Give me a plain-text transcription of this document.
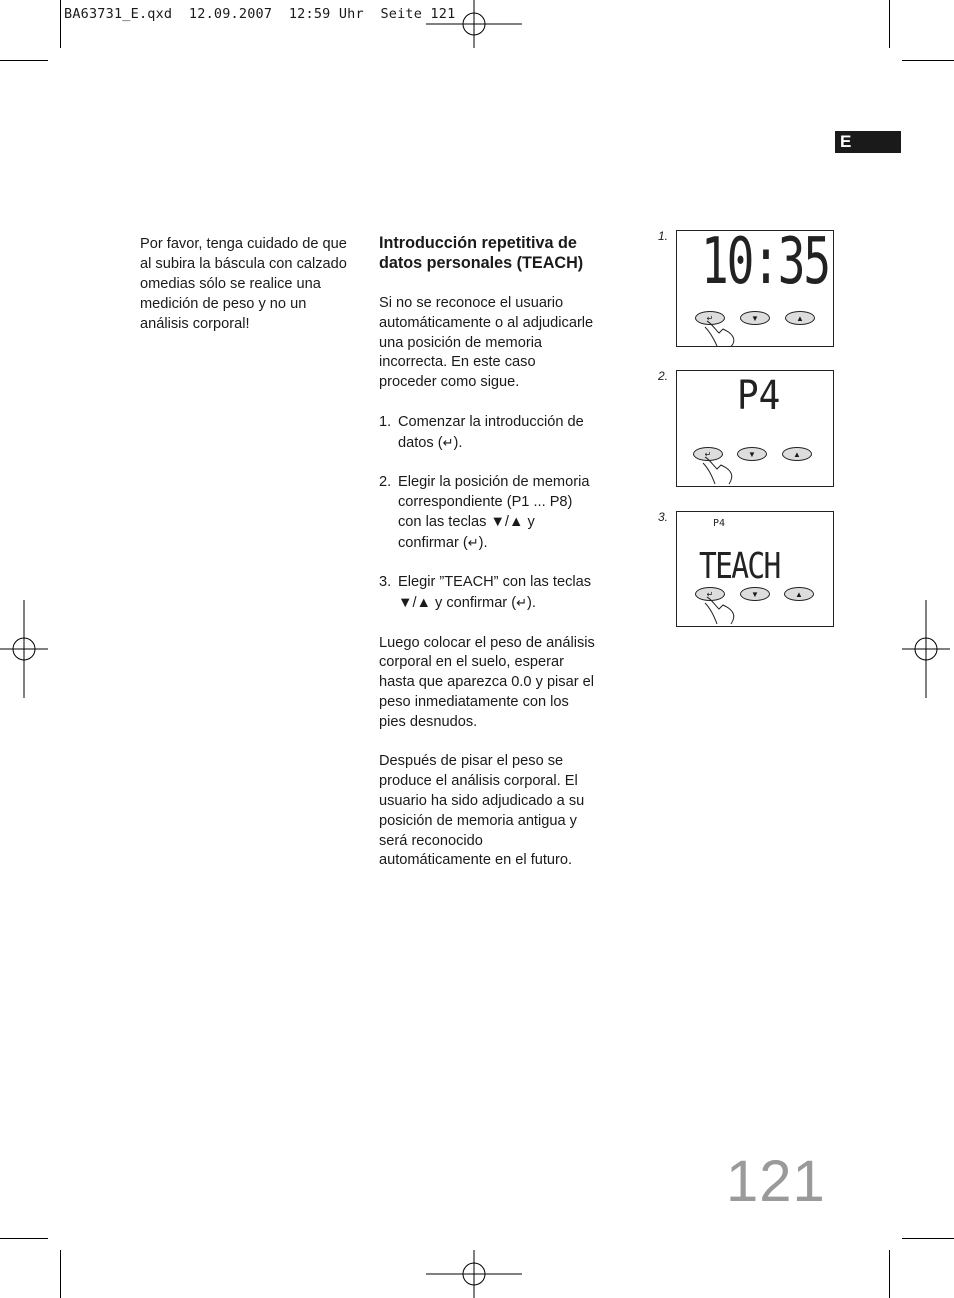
BA63731_E.qxd  12.09.2007  12:59 Uhr  Seite 121
E
Por favor, tenga cuidado de que al subira la báscula con calzado omedias sólo se realice una medición de peso y no un análisis corporal!
Introducción repetitiva de datos personales (TEACH)

Si no se reconoce el usuario automáticamente o al adjudicarle una posición de memoria incorrecta. En este caso proceder como sigue.

1. Comenzar la introducción de datos (↵).
2. Elegir la posición de memoria correspondiente (P1 ... P8) con las teclas ▼/▲ y confirmar (↵).
3. Elegir ”TEACH” con las teclas ▼/▲ y confirmar (↵).

Luego colocar el peso de análisis corporal en el suelo, esperar hasta que aparezca 0.0 y pisar el peso inmediatamente con los pies desnudos.

Después de pisar el peso se produce el análisis corporal. El usuario ha sido adjudicado a su posición de memoria antigua y será reconocido automáticamente en el futuro.

1. 10:35
↵	▼	▲
2. P4
↵	▼	▲
3.	P4
TEACH
↵	▼	▲
121
